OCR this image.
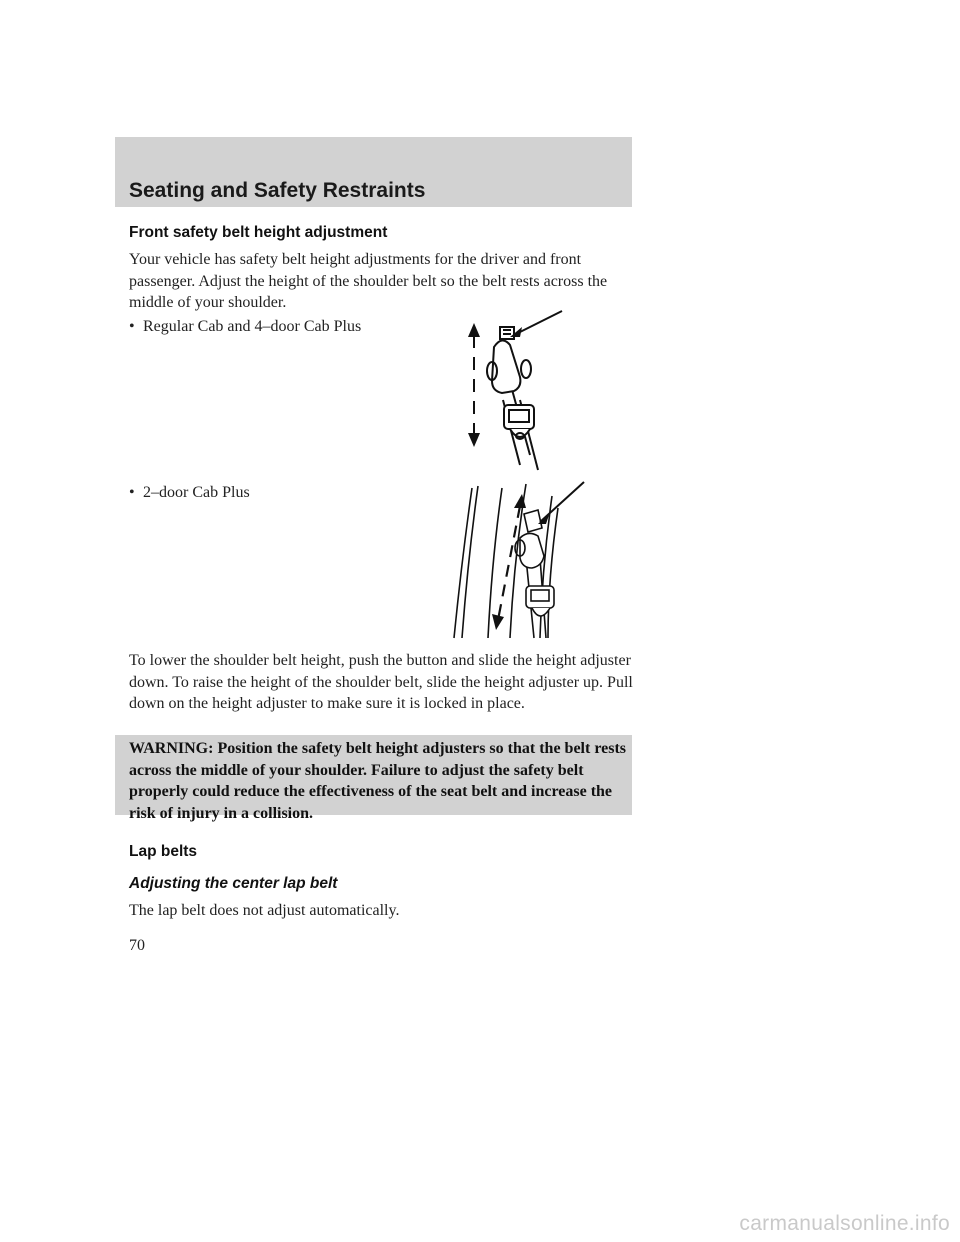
Seating and Safety Restraints
Front safety belt height adjustment
Your vehicle has safety belt height adjustments for the driver and front passenger. Adjust the height of the shoulder belt so the belt rests across the middle of your shoulder.
• Regular Cab and 4–door Cab Plus
• 2–door Cab Plus
To lower the shoulder belt height, push the button and slide the height adjuster down. To raise the height of the shoulder belt, slide the height adjuster up. Pull down on the height adjuster to make sure it is locked in place.
WARNING: Position the safety belt height adjusters so that the belt rests across the middle of your shoulder. Failure to adjust the safety belt properly could reduce the effectiveness of the seat belt and increase the risk of injury in a collision.
Lap belts
Adjusting the center lap belt
The lap belt does not adjust automatically.
70
carmanualsonline.info
